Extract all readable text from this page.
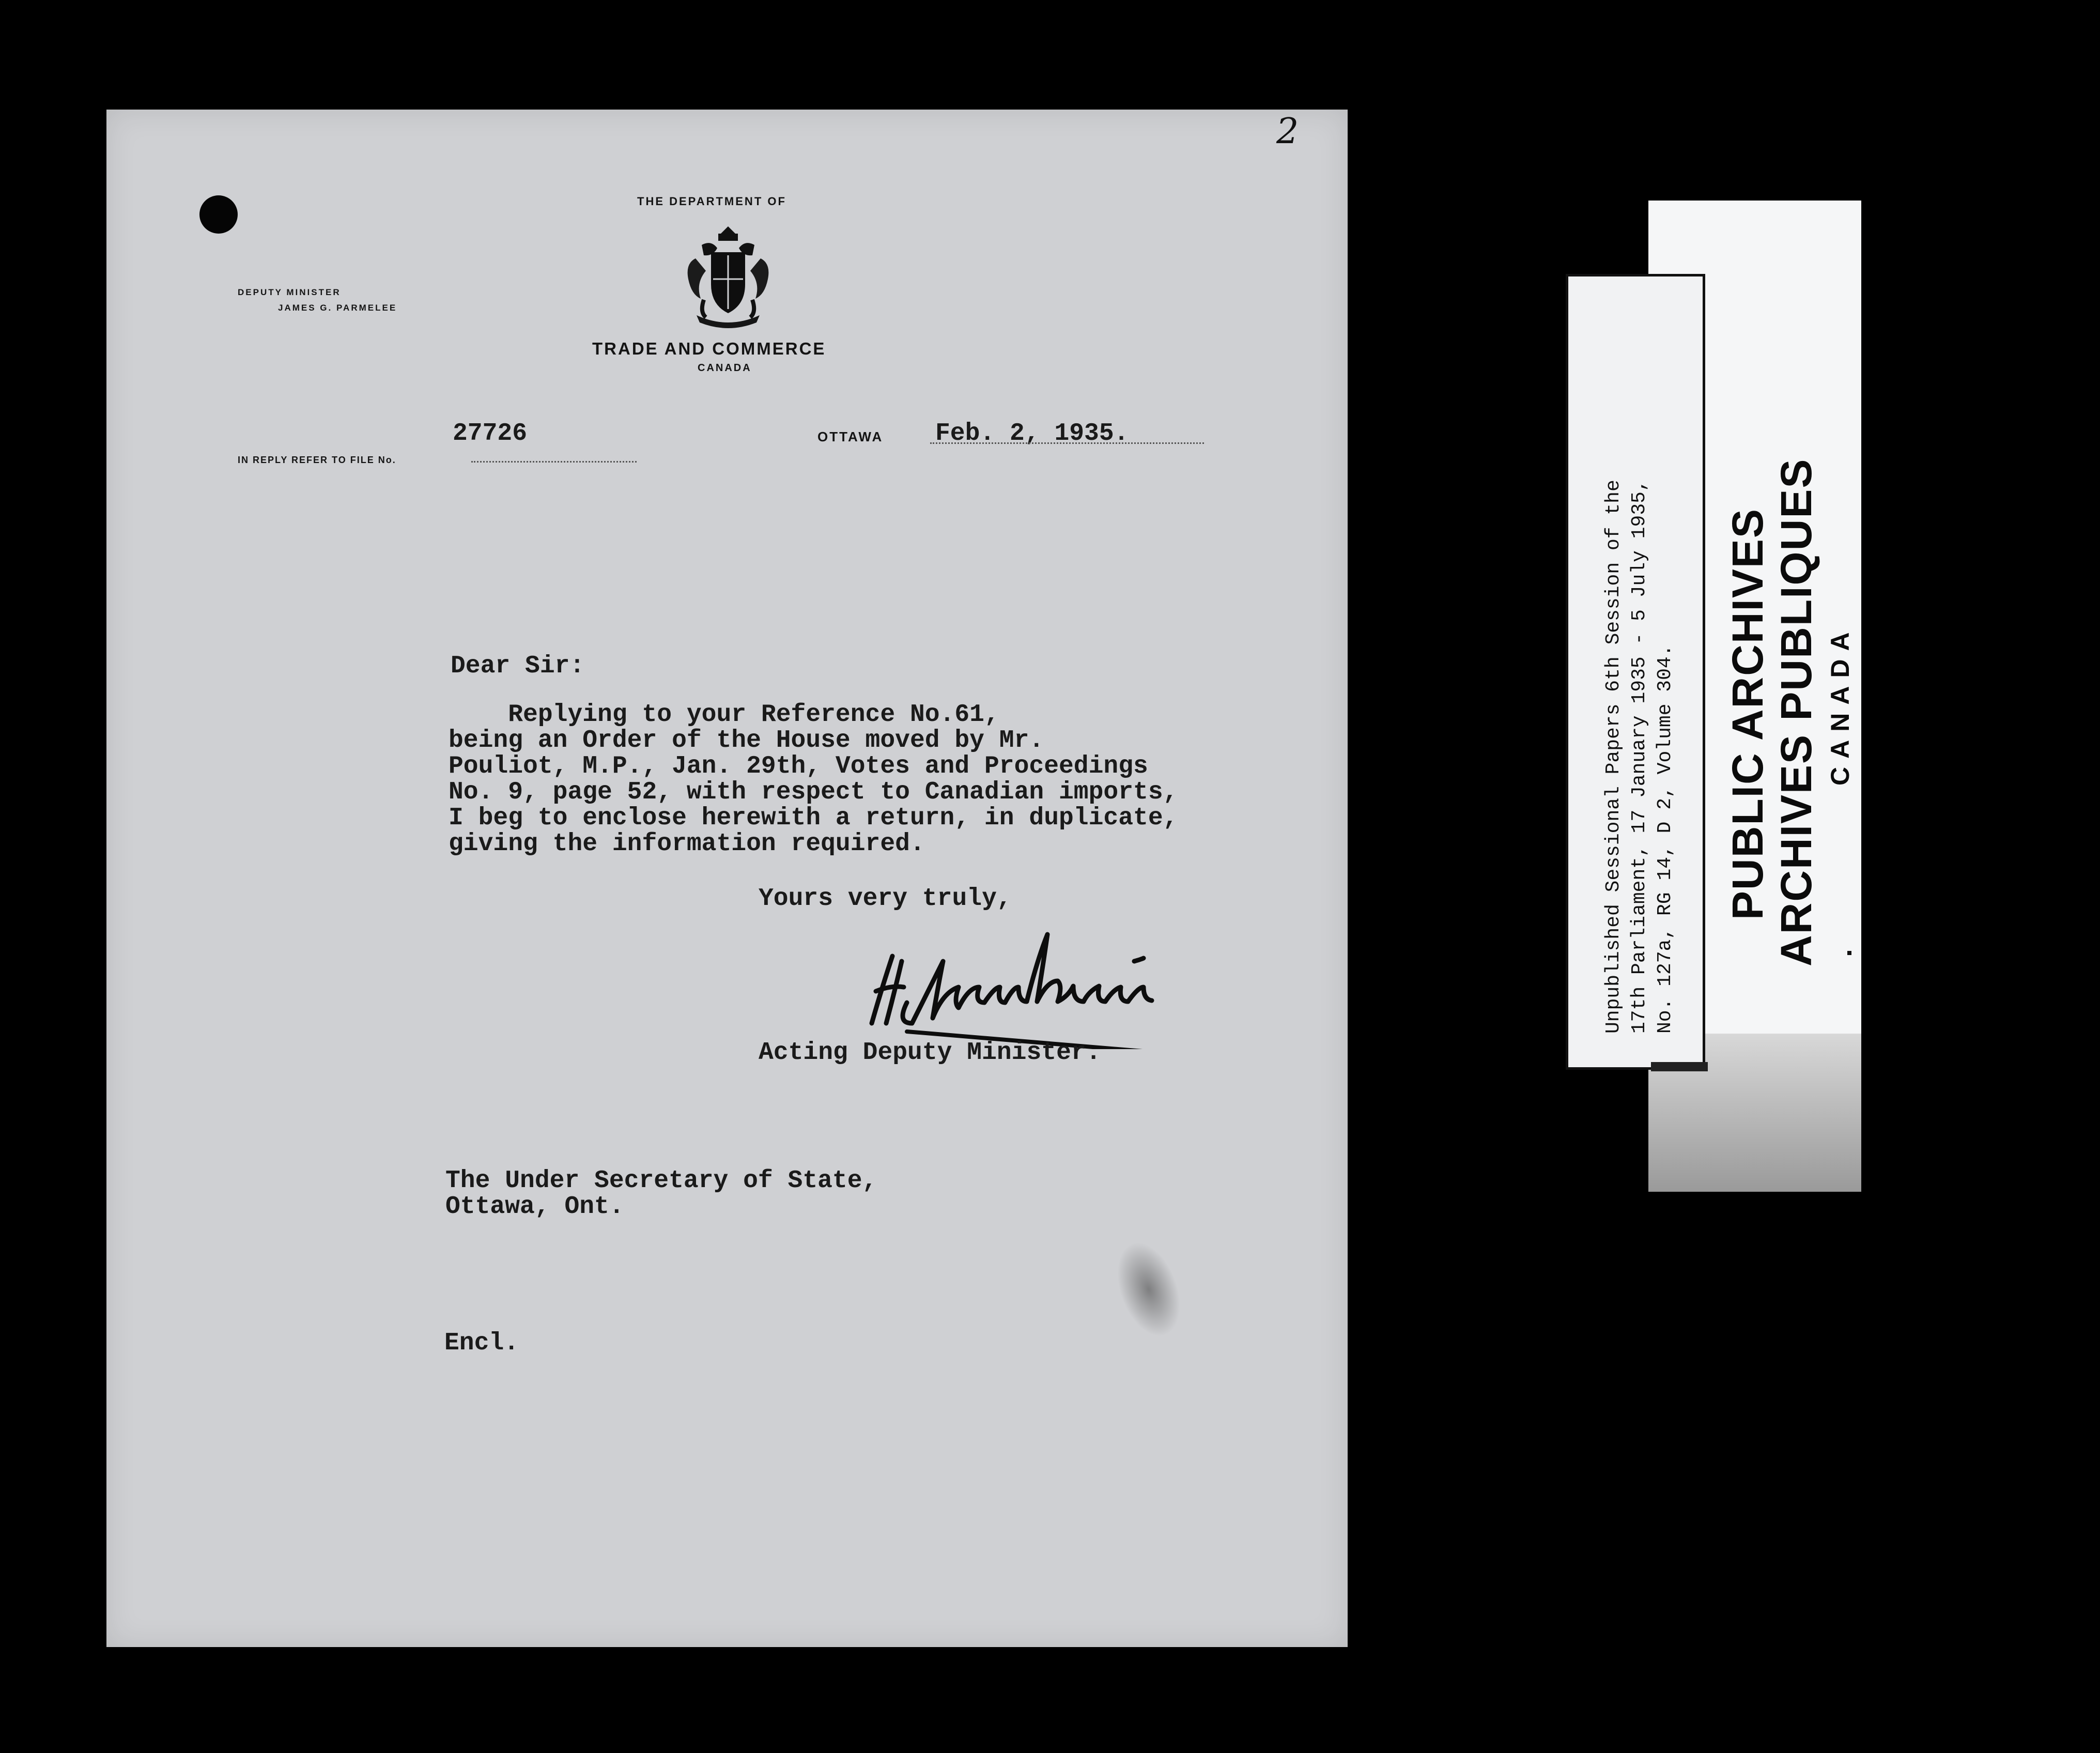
2
THE DEPARTMENT OF
DEPUTY MINISTER
JAMES G. PARMELEE
TRADE AND COMMERCE
CANADA
27726
IN REPLY REFER TO FILE No.
OTTAWA Feb. 2, 1935.
Dear Sir:
Replying to your Reference No.61,
being an Order of the House moved by Mr.
Pouliot, M.P., Jan. 29th, Votes and Proceedings
No. 9, page 52, with respect to Canadian imports,
I beg to enclose herewith a return, in duplicate,
giving the information required.
Yours very truly,
Acting Deputy Minister.
The Under Secretary of State,
Ottawa, Ont.
Encl.
Unpublished Sessional Papers 6th Session of the 17th Parliament, 17 January 1935 - 5 July 1935, No. 127a, RG 14, D 2, Volume 304. PUBLIC ARCHIVES ARCHIVES PUBLIQUES CANADA
